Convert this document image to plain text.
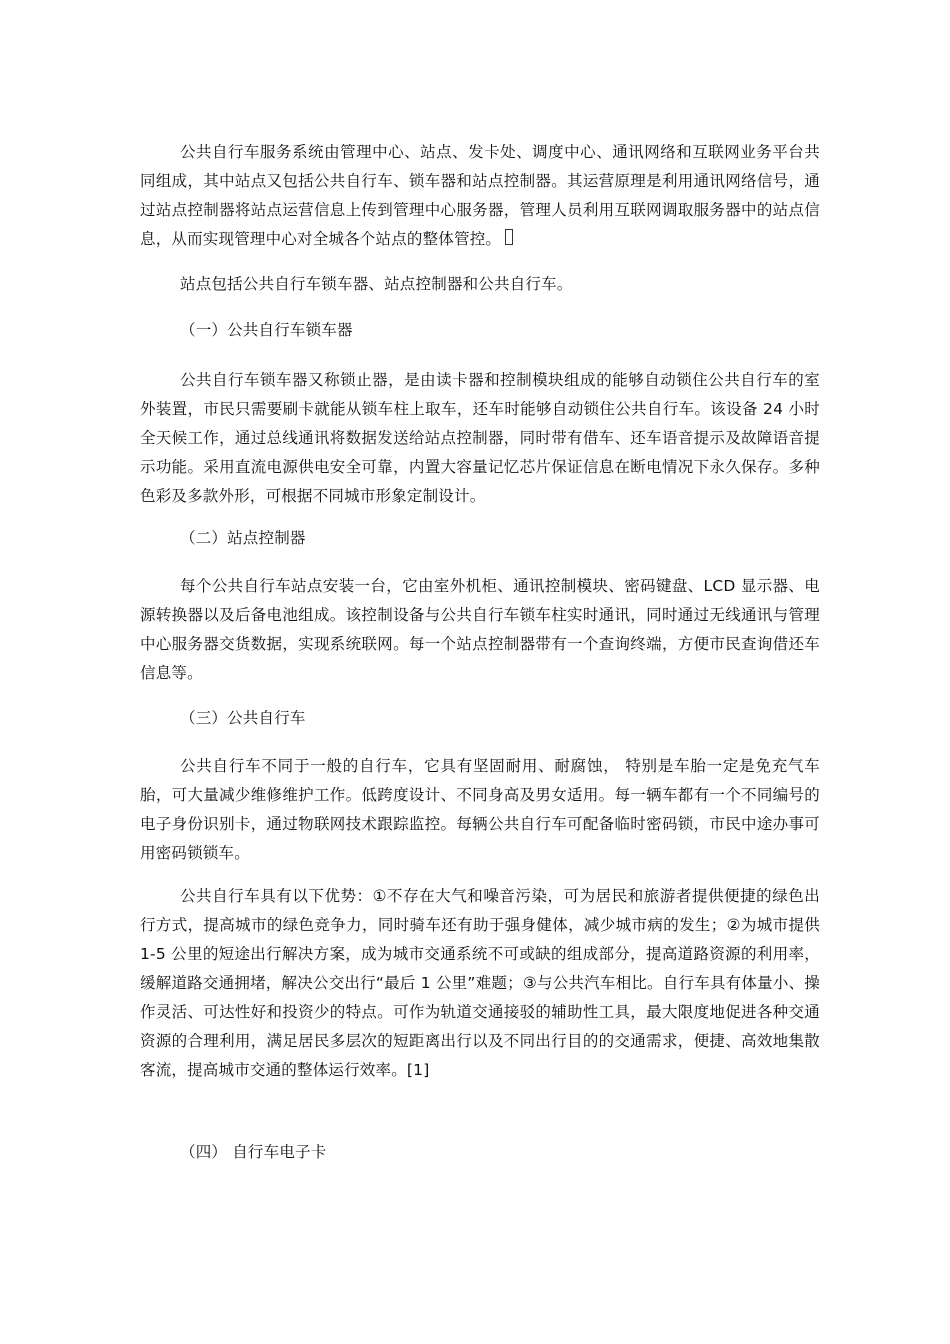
公共自行车服务系统由管理中心、站点、发卡处、调度中心、通讯网络和互联网业务平台共同组成，其中站点又包括公共自行车、锁车器和站点控制器。其运营原理是利用通讯网络信号，通过站点控制器将站点运营信息上传到管理中心服务器，管理人员利用互联网调取服务器中的站点信息，从而实现管理中心对全城各个站点的整体管控。

站点包括公共自行车锁车器、站点控制器和公共自行车。

（一）公共自行车锁车器

公共自行车锁车器又称锁止器，是由读卡器和控制模块组成的能够自动锁住公共自行车的室外装置，市民只需要刷卡就能从锁车柱上取车，还车时能够自动锁住公共自行车。该设备 24 小时全天候工作，通过总线通讯将数据发送给站点控制器，同时带有借车、还车语音提示及故障语音提示功能。采用直流电源供电安全可靠，内置大容量记忆芯片保证信息在断电情况下永久保存。多种色彩及多款外形，可根据不同城市形象定制设计。

（二）站点控制器

每个公共自行车站点安装一台，它由室外机柜、通讯控制模块、密码键盘、LCD 显示器、电源转换器以及后备电池组成。该控制设备与公共自行车锁车柱实时通讯，同时通过无线通讯与管理中心服务器交货数据，实现系统联网。每一个站点控制器带有一个查询终端，方便市民查询借还车信息等。

（三）公共自行车

公共自行车不同于一般的自行车，它具有坚固耐用、耐腐蚀， 特别是车胎一定是免充气车胎，可大量减少维修维护工作。低跨度设计、不同身高及男女适用。每一辆车都有一个不同编号的电子身份识别卡，通过物联网技术跟踪监控。每辆公共自行车可配备临时密码锁，市民中途办事可用密码锁锁车。

公共自行车具有以下优势：①不存在大气和噪音污染，可为居民和旅游者提供便捷的绿色出行方式，提高城市的绿色竞争力，同时骑车还有助于强身健体，减少城市病的发生；②为城市提供 1-5 公里的短途出行解决方案，成为城市交通系统不可或缺的组成部分，提高道路资源的利用率，缓解道路交通拥堵，解决公交出行“最后 1 公里”难题；③与公共汽车相比。自行车具有体量小、操作灵活、可达性好和投资少的特点。可作为轨道交通接驳的辅助性工具，最大限度地促进各种交通资源的合理利用，满足居民多层次的短距离出行以及不同出行目的的交通需求，便捷、高效地集散客流，提高城市交通的整体运行效率。[1]

（四） 自行车电子卡
